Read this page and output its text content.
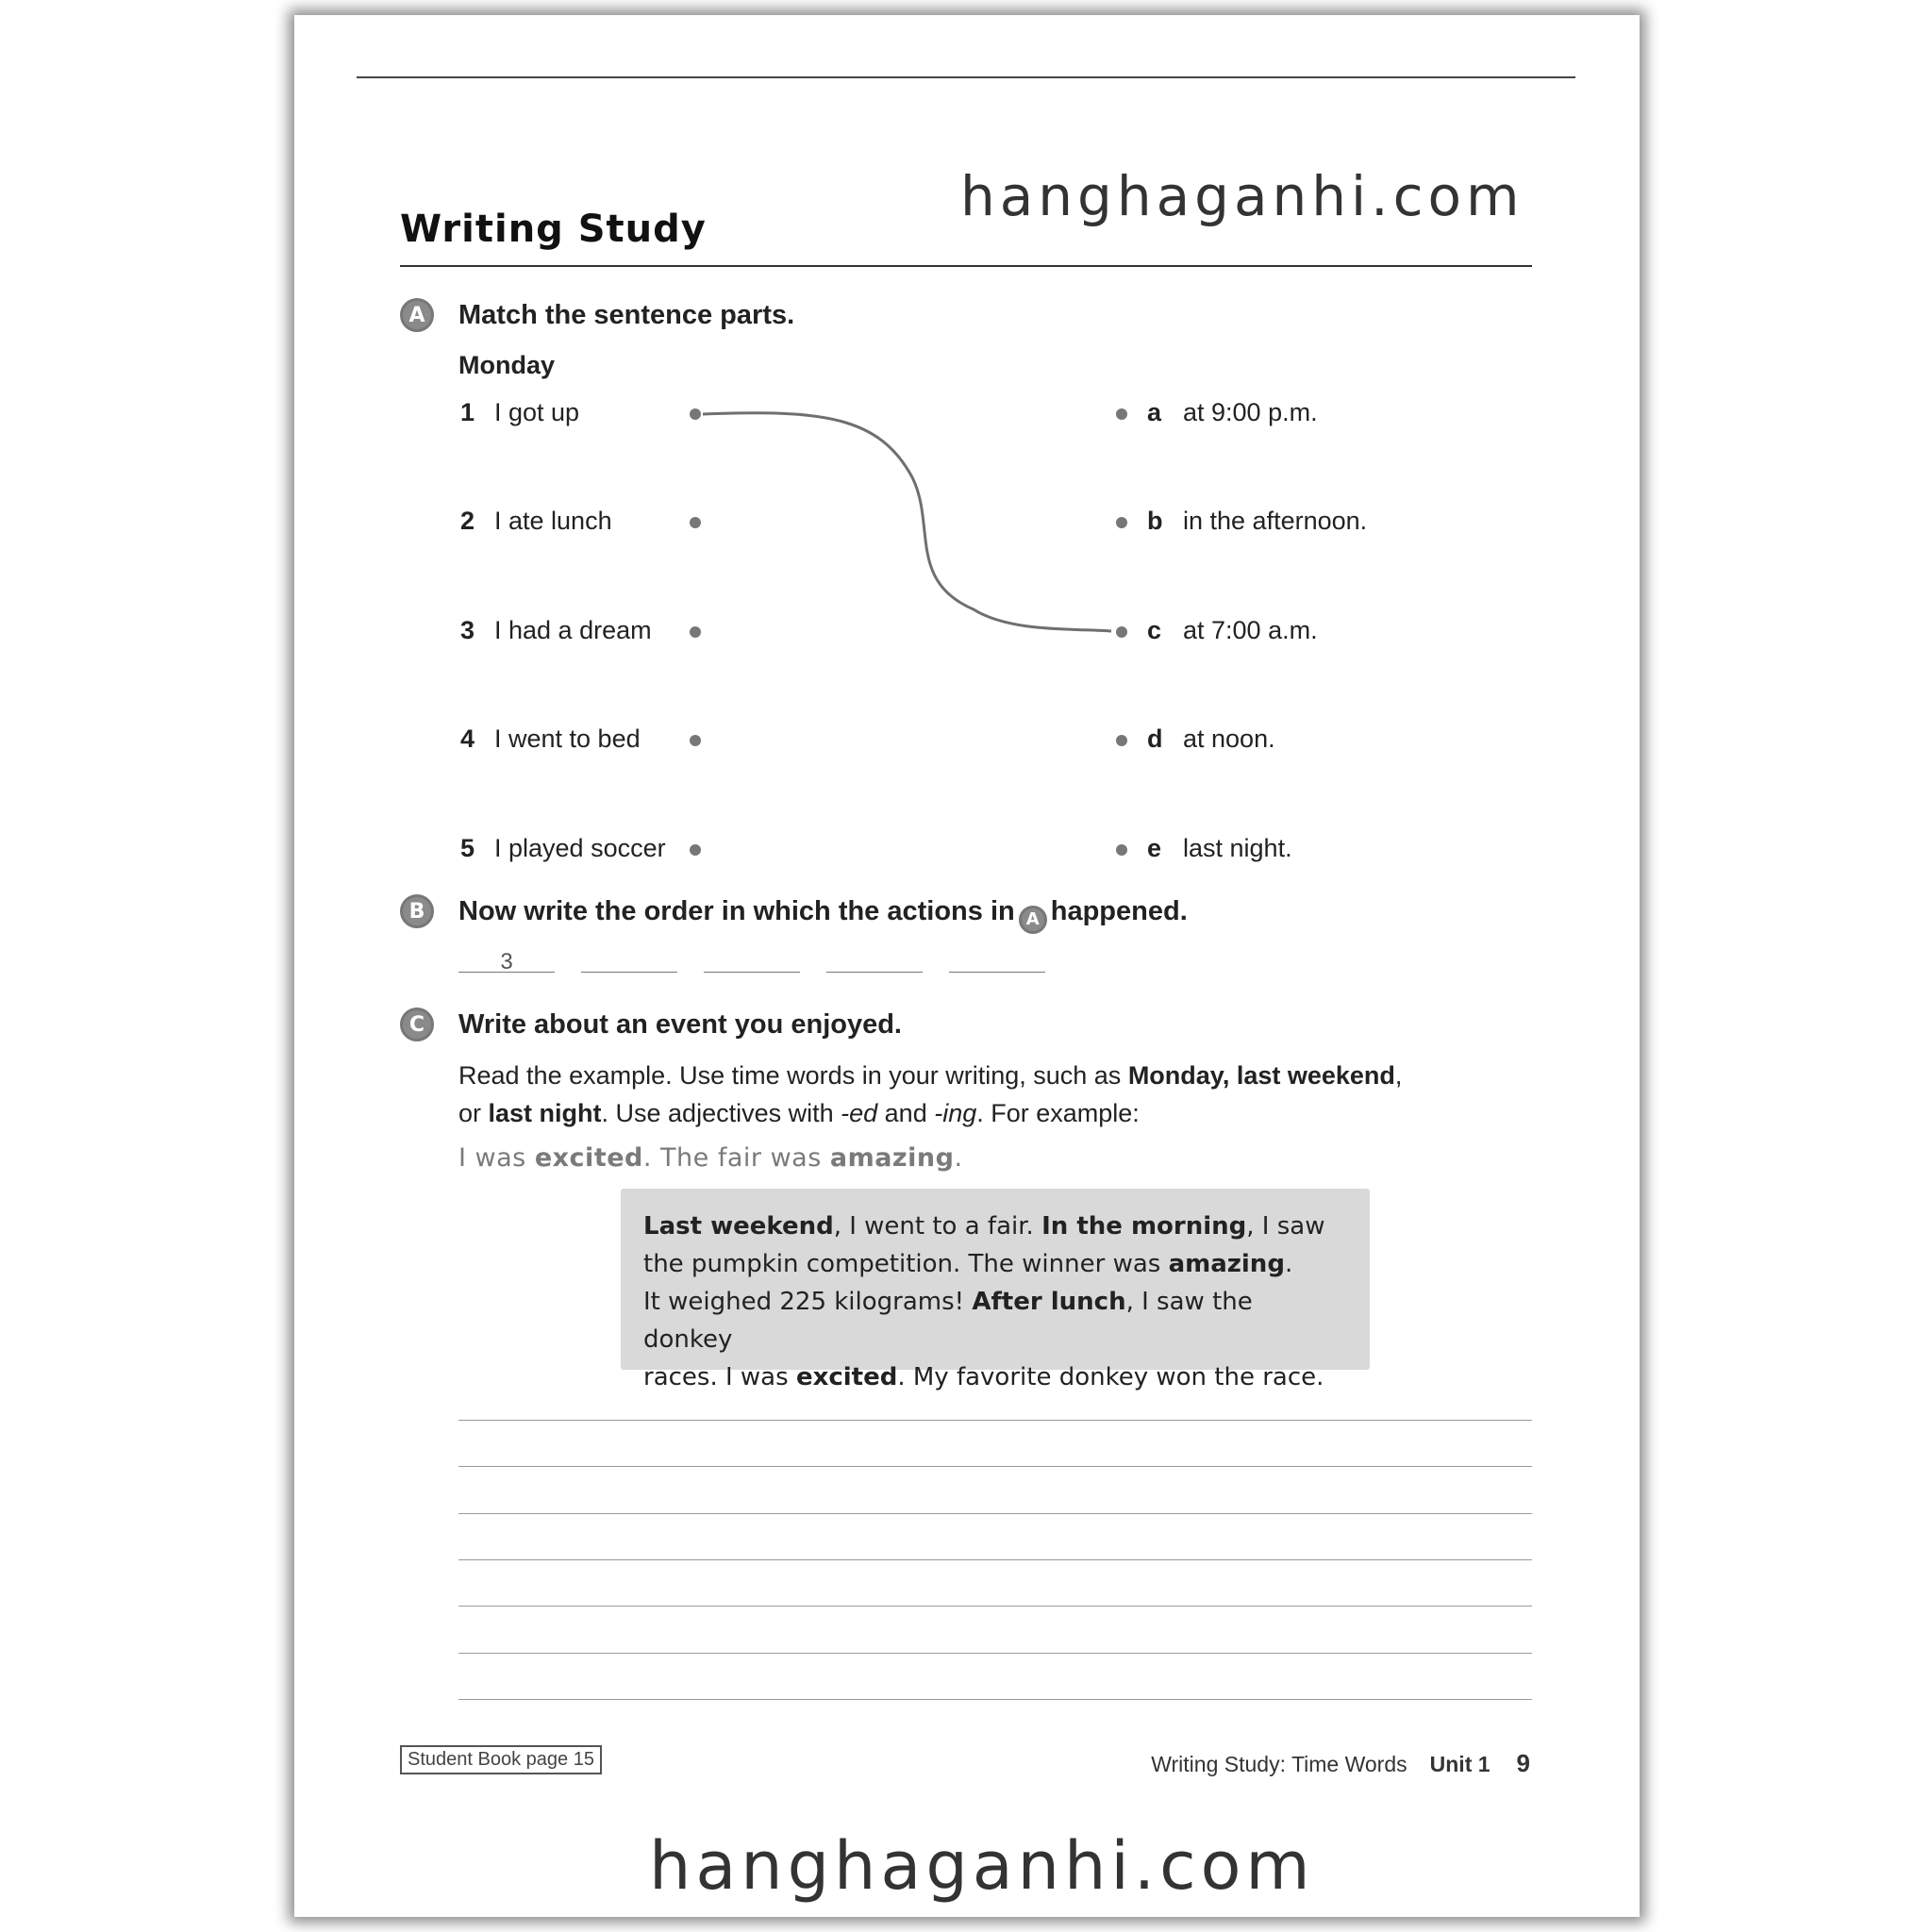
hanghaganhi.com
Writing Study
A	Match the sentence parts.
Monday
1 I got up
2 I ate lunch
3 I had a dream
4 I went to bed
5 I played soccer
a at 9:00 p.m.
b in the afternoon.
c at 7:00 a.m.
d at noon.
e last night.
B	Now write the order in which the actions in A happened.
3
C	Write about an event you enjoyed.
Read the example. Use time words in your writing, such as Monday, last weekend,
or last night. Use adjectives with -ed and -ing. For example:
I was excited. The fair was amazing.
Last weekend, I went to a fair. In the morning, I saw
the pumpkin competition. The winner was amazing.
It weighed 225 kilograms! After lunch, I saw the donkey
races. I was excited. My favorite donkey won the race.
Student Book page 15	Writing Study: Time Words Unit 1 9
hanghaganhi.com
